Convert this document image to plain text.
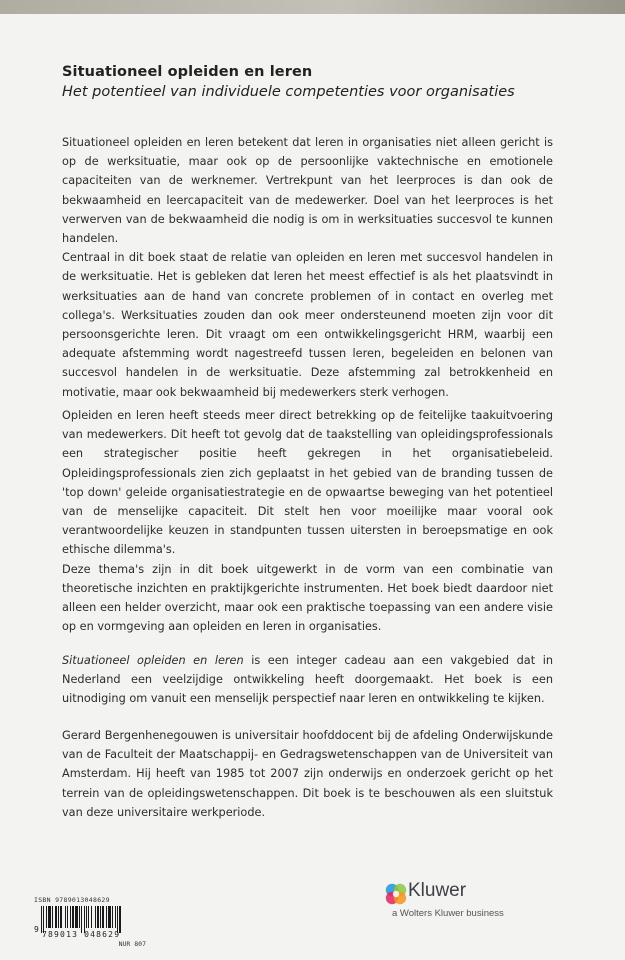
Situationeel opleiden en leren
Het potentieel van individuele competenties voor organisaties

Situationeel opleiden en leren betekent dat leren in organisaties niet alleen gericht is op de werksituatie, maar ook op de persoonlijke vaktechnische en emotionele capaciteiten van de werknemer. Vertrekpunt van het leerproces is dan ook de bekwaamheid en leercapaciteit van de medewerker. Doel van het leerproces is het verwerven van de bekwaamheid die nodig is om in werksituaties succesvol te kunnen handelen.

Centraal in dit boek staat de relatie van opleiden en leren met succesvol handelen in de werksituatie. Het is gebleken dat leren het meest effectief is als het plaatsvindt in werksituaties aan de hand van concrete problemen of in contact en overleg met collega's. Werksituaties zouden dan ook meer ondersteunend moeten zijn voor dit persoonsgerichte leren. Dit vraagt om een ontwikkelingsgericht HRM, waarbij een adequate afstemming wordt nagestreefd tussen leren, begeleiden en belonen van succesvol handelen in de werksituatie. Deze afstemming zal betrokkenheid en motivatie, maar ook bekwaamheid bij medewerkers sterk verhogen.

Opleiden en leren heeft steeds meer direct betrekking op de feitelijke taakuitvoering van medewerkers. Dit heeft tot gevolg dat de taakstelling van opleidingsprofessionals een strategischer positie heeft gekregen in het organisatiebeleid. Opleidingsprofessionals zien zich geplaatst in het gebied van de branding tussen de 'top down' geleide organisatiestrategie en de opwaartse beweging van het potentieel van de menselijke capaciteit. Dit stelt hen voor moeilijke maar vooral ook verantwoordelijke keuzen in standpunten tussen uitersten in beroepsmatige en ook ethische dilemma's.

Deze thema's zijn in dit boek uitgewerkt in de vorm van een combinatie van theoretische inzichten en praktijkgerichte instrumenten. Het boek biedt daardoor niet alleen een helder overzicht, maar ook een praktische toepassing van een andere visie op en vormgeving aan opleiden en leren in organisaties.

Situationeel opleiden en leren is een integer cadeau aan een vakgebied dat in Nederland een veelzijdige ontwikkeling heeft doorgemaakt. Het boek is een uitnodiging om vanuit een menselijk perspectief naar leren en ontwikkeling te kijken.

Gerard Bergenhenegouwen is universitair hoofddocent bij de afdeling Onderwijskunde van de Faculteit der Maatschappij- en Gedragswetenschappen van de Universiteit van Amsterdam. Hij heeft van 1985 tot 2007 zijn onderwijs en onderzoek gericht op het terrein van de opleidingswetenschappen. Dit boek is te beschouwen als een sluitstuk van deze universitaire werkperiode.

ISBN 9789013048629
9
789013 048629
NUR 807
Kluwer
a Wolters Kluwer business
